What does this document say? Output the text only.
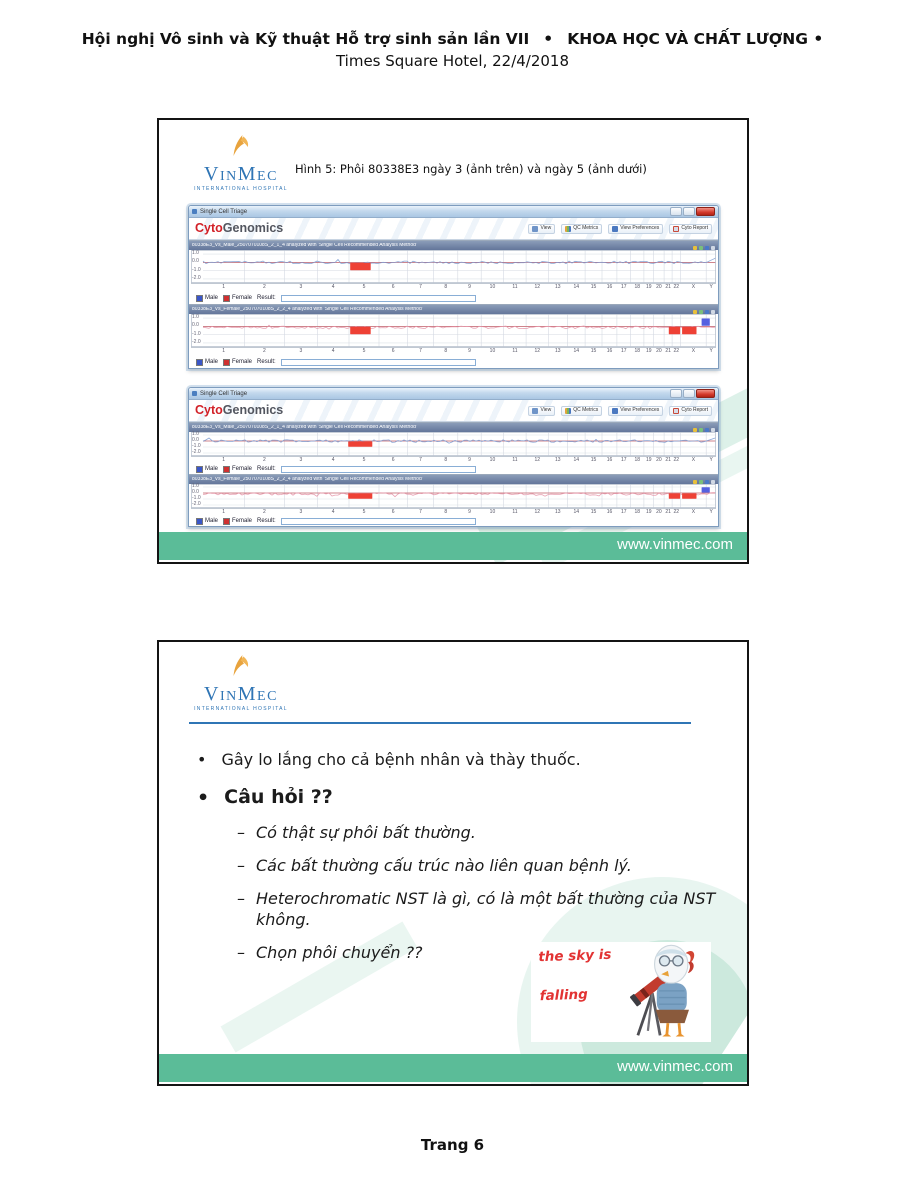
Hội nghị Vô sinh và Kỹ thuật Hỗ trợ sinh sản lần VII • KHOA HỌC VÀ CHẤT LƯỢNG •
Times Square Hotel, 22/4/2018
VinMec
INTERNATIONAL HOSPITAL
Hình 5: Phôi 80338E3 ngày 3 (ảnh trên) và ngày 5 (ảnh dưới)
Single Cell Triage
CytoGenomics	View	QC Metrics	View Preferences	Cyto Report
80338E3_Vs_Male_2507070108S_2_1_4 analyzed with 'Single Cell Recommended Analysis Method'
1.0
0.0
-1.0
-2.0
1	2	3	4	5	6	7	8	9	10	11	12	13	14 15 16 17 18 19 20 21 22	X	Y
Male Female Result:
80338E3_Vs_Female_2507070108S_2_2_4 analyzed with 'Single Cell Recommended Analysis Method'
1.0
0.0
-1.0
-2.0
1	2	3	4	5	6	7	8	9	10	11	12	13	14 15 16 17 18 19 20 21 22	X	Y
Male Female Result:
Single Cell Triage
CytoGenomics	View	QC Metrics	View Preferences	Cyto Report
80338E3_Vs_Male_2507070108S_2_1_4 analyzed with 'Single Cell Recommended Analysis Method'
1.0
0.0
-1.0
-2.0
1	2	3	4	5	6	7	8	9	10	11	12	13	14 15 16 17 18 19 20 21 22	X	Y
Male Female Result:
80338E3_Vs_Female_2507070108S_2_2_4 analyzed with 'Single Cell Recommended Analysis Method'
1.0
0.0
-1.0
-2.0
1	2	3	4	5	6	7	8	9	10	11	12	13	14 15 16 17 18 19 20 21 22	X	Y
Male Female Result:
www.vinmec.com
VinMec
INTERNATIONAL HOSPITAL
• Gây lo lắng cho cả bệnh nhân và thày thuốc.
• Câu hỏi ??
– Có thật sự phôi bất thường.
– Các bất thường cấu trúc nào liên quan bệnh lý.
– Heterochromatic NST là gì, có là một bất thường của NST không.
– Chọn phôi chuyển ??	the sky is
falling
www.vinmec.com
Trang 6
